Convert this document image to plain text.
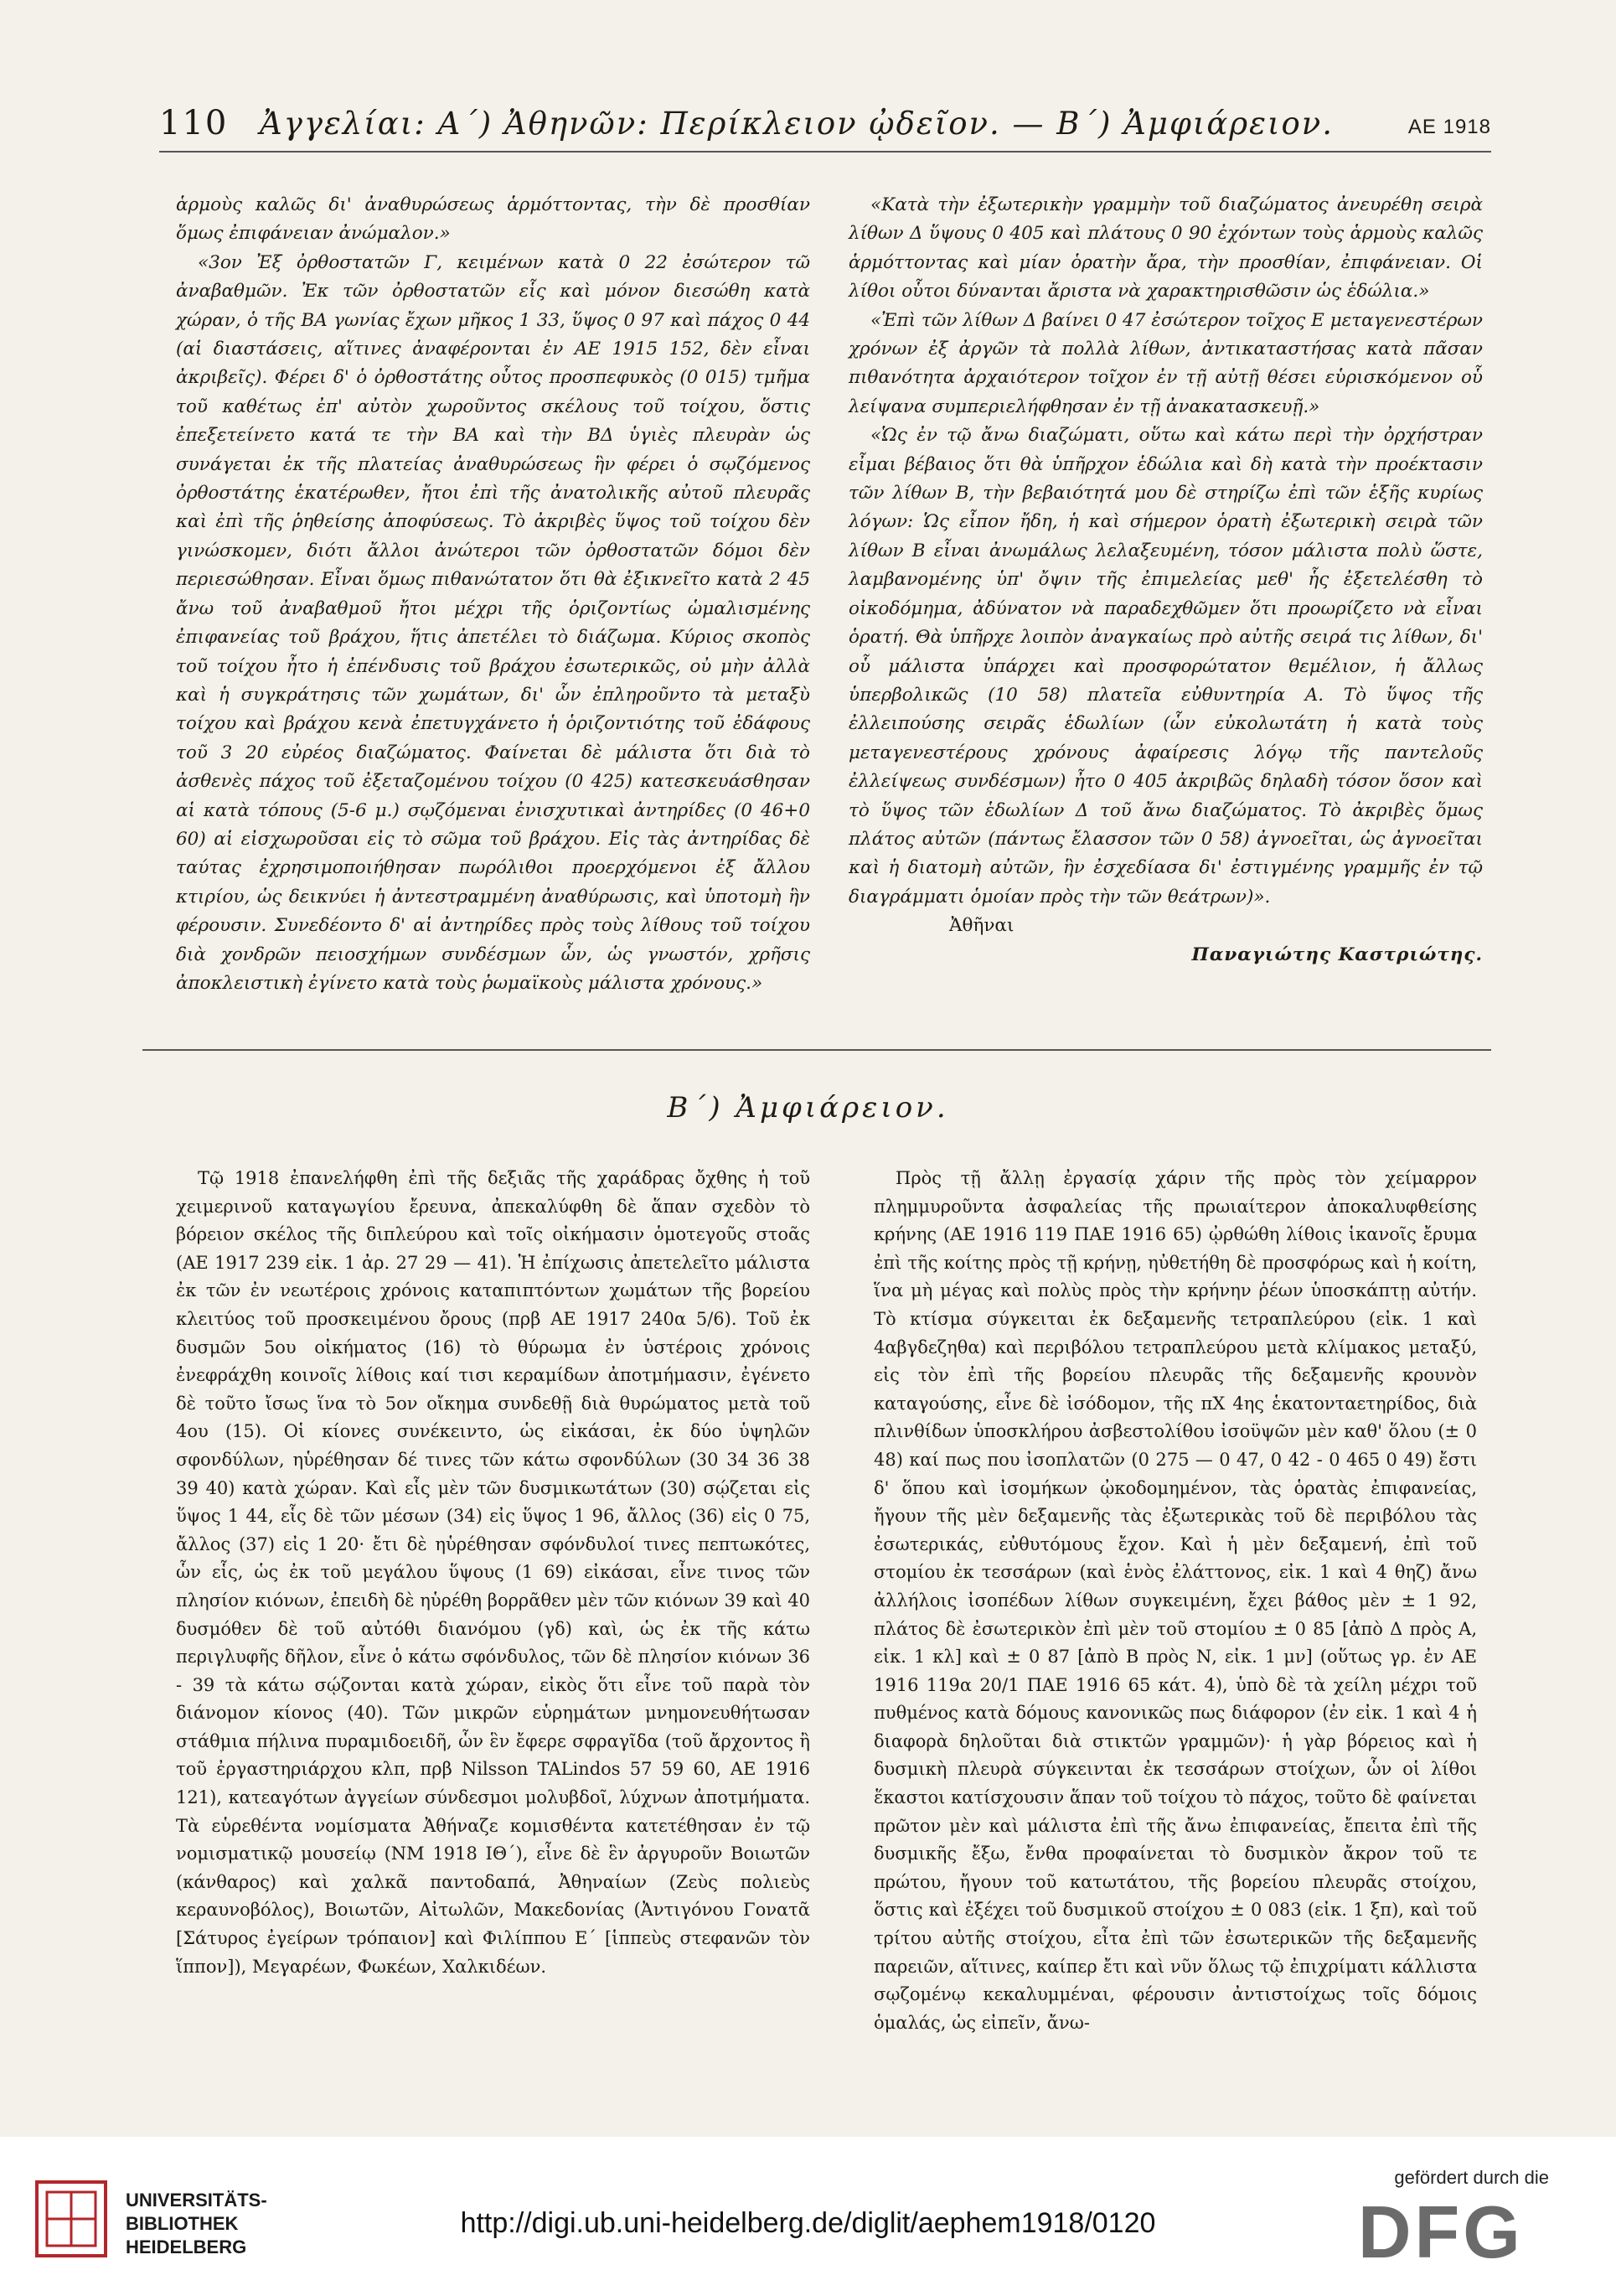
110 Ἀγγελίαι: Α΄) Ἀθηνῶν: Περίκλειον ᾠδεῖον. — Β΄) Ἀμφιάρειον.	ΑΕ 1918

ἁρμοὺς καλῶς δι' ἀναθυρώσεως ἁρμόττοντας, τὴν δὲ προσθίαν ὅμως ἐπιφάνειαν ἀνώμαλον.»

«3ον Ἐξ ὀρθοστατῶν Γ, κειμένων κατὰ 0 22 ἐσώτερον τῶ ἀναβαθμῶν. Ἐκ τῶν ὀρθοστατῶν εἷς καὶ μόνον διεσώθη κατὰ χώραν, ὁ τῆς ΒΑ γωνίας ἔχων μῆκος 1 33, ὕψος 0 97 καὶ πάχος 0 44 (αἱ διαστάσεις, αἵτινες ἀναφέρονται ἐν ΑΕ 1915 152, δὲν εἶναι ἀκριβεῖς). Φέρει δ' ὁ ὀρθοστάτης οὗτος προσπεφυκὸς (0 015) τμῆμα τοῦ καθέτως ἐπ' αὐτὸν χωροῦντος σκέλους τοῦ τοίχου, ὅστις ἐπεξετείνετο κατά τε τὴν ΒΑ καὶ τὴν ΒΔ ὑγιὲς πλευρὰν ὡς συνάγεται ἐκ τῆς πλατείας ἀναθυρώσεως ἣν φέρει ὁ σῳζόμενος ὀρθοστάτης ἑκατέρωθεν, ἤτοι ἐπὶ τῆς ἀνατολικῆς αὐτοῦ πλευρᾶς καὶ ἐπὶ τῆς ῥηθείσης ἀποφύσεως. Τὸ ἀκριβὲς ὕψος τοῦ τοίχου δὲν γινώσκομεν, διότι ἄλλοι ἀνώτεροι τῶν ὀρθοστατῶν δόμοι δὲν περιεσώθησαν. Εἶναι ὅμως πιθανώτατον ὅτι θὰ ἐξικνεῖτο κατὰ 2 45 ἄνω τοῦ ἀναβαθμοῦ ἤτοι μέχρι τῆς ὁριζοντίως ὡμαλισμένης ἐπιφανείας τοῦ βράχου, ἥτις ἀπετέλει τὸ διάζωμα. Κύριος σκοπὸς τοῦ τοίχου ἦτο ἡ ἐπένδυσις τοῦ βράχου ἐσωτερικῶς, οὐ μὴν ἀλλὰ καὶ ἡ συγκράτησις τῶν χωμάτων, δι' ὧν ἐπληροῦντο τὰ μεταξὺ τοίχου καὶ βράχου κενὰ ἐπετυγχάνετο ἡ ὁριζοντιότης τοῦ ἐδάφους τοῦ 3 20 εὐρέος διαζώματος. Φαίνεται δὲ μάλιστα ὅτι διὰ τὸ ἀσθενὲς πάχος τοῦ ἐξεταζομένου τοίχου (0 425) κατεσκευάσθησαν αἱ κατὰ τόπους (5-6 μ.) σῳζόμεναι ἐνισχυτικαὶ ἀντηρίδες (0 46+0 60) αἱ εἰσχωροῦσαι εἰς τὸ σῶμα τοῦ βράχου. Εἰς τὰς ἀντηρίδας δὲ ταύτας ἐχρησιμοποιήθησαν πωρόλιθοι προερχόμενοι ἐξ ἄλλου κτιρίου, ὡς δεικνύει ἡ ἀντεστραμμένη ἀναθύρωσις, καὶ ὑποτομὴ ἣν φέρουσιν. Συνεδέοντο δ' αἱ ἀντηρίδες πρὸς τοὺς λίθους τοῦ τοίχου διὰ χονδρῶν πειοσχήμων συνδέσμων ὧν, ὡς γνωστόν, χρῆσις ἀποκλειστικὴ ἐγίνετο κατὰ τοὺς ῥωμαϊκοὺς μάλιστα χρόνους.»

«Κατὰ τὴν ἐξωτερικὴν γραμμὴν τοῦ διαζώματος ἀνευρέθη σειρὰ λίθων Δ ὕψους 0 405 καὶ πλάτους 0 90 ἐχόντων τοὺς ἁρμοὺς καλῶς ἁρμόττοντας καὶ μίαν ὁρατὴν ἄρα, τὴν προσθίαν, ἐπιφάνειαν. Οἱ λίθοι οὗτοι δύνανται ἄριστα νὰ χαρακτηρισθῶσιν ὡς ἑδώλια.»

«Ἐπὶ τῶν λίθων Δ βαίνει 0 47 ἐσώτερον τοῖχος Ε μεταγενεστέρων χρόνων ἐξ ἀργῶν τὰ πολλὰ λίθων, ἀντικαταστήσας κατὰ πᾶσαν πιθανότητα ἀρχαιότερον τοῖχον ἐν τῇ αὐτῇ θέσει εὑρισκόμενον οὗ λείψανα συμπεριελήφθησαν ἐν τῇ ἀνακατασκευῇ.»

«Ὡς ἐν τῷ ἄνω διαζώματι, οὕτω καὶ κάτω περὶ τὴν ὀρχήστραν εἶμαι βέβαιος ὅτι θὰ ὑπῆρχον ἑδώλια καὶ δὴ κατὰ τὴν προέκτασιν τῶν λίθων Β, τὴν βεβαιότητά μου δὲ στηρίζω ἐπὶ τῶν ἑξῆς κυρίως λόγων: Ὡς εἶπον ἤδη, ἡ καὶ σήμερον ὁρατὴ ἐξωτερικὴ σειρὰ τῶν λίθων Β εἶναι ἀνωμάλως λελαξευμένη, τόσον μάλιστα πολὺ ὥστε, λαμβανομένης ὑπ' ὄψιν τῆς ἐπιμελείας μεθ' ἧς ἐξετελέσθη τὸ οἰκοδόμημα, ἀδύνατον νὰ παραδεχθῶμεν ὅτι προωρίζετο νὰ εἶναι ὁρατή. Θὰ ὑπῆρχε λοιπὸν ἀναγκαίως πρὸ αὐτῆς σειρά τις λίθων, δι' οὗ μάλιστα ὑπάρχει καὶ προσφορώτατον θεμέλιον, ἡ ἄλλως ὑπερβολικῶς (10 58) πλατεῖα εὐθυντηρία Α. Τὸ ὕψος τῆς ἐλλειπούσης σειρᾶς ἑδωλίων (ὧν εὐκολωτάτη ἡ κατὰ τοὺς μεταγενεστέρους χρόνους ἀφαίρεσις λόγῳ τῆς παντελοῦς ἐλλείψεως συνδέσμων) ἦτο 0 405 ἀκριβῶς δηλαδὴ τόσον ὅσον καὶ τὸ ὕψος τῶν ἑδωλίων Δ τοῦ ἄνω διαζώματος. Τὸ ἀκριβὲς ὅμως πλάτος αὐτῶν (πάντως ἔλασσον τῶν 0 58) ἀγνοεῖται, ὡς ἀγνοεῖται καὶ ἡ διατομὴ αὐτῶν, ἣν ἐσχεδίασα δι' ἐστιγμένης γραμμῆς ἐν τῷ διαγράμματι ὁμοίαν πρὸς τὴν τῶν θεάτρων)».

Ἀθῆναι

Παναγιώτης Καστριώτης.

Β΄) Ἀμφιάρειον.

Τῷ 1918 ἐπανελήφθη ἐπὶ τῆς δεξιᾶς τῆς χαράδρας ὄχθης ἡ τοῦ χειμερινοῦ καταγωγίου ἔρευνα, ἀπεκαλύφθη δὲ ἅπαν σχεδὸν τὸ βόρειον σκέλος τῆς διπλεύρου καὶ τοῖς οἰκήμασιν ὁμοτεγοῦς στοᾶς (ΑΕ 1917 239 εἰκ. 1 ἀρ. 27 29 — 41). Ἡ ἐπίχωσις ἀπετελεῖτο μάλιστα ἐκ τῶν ἐν νεωτέροις χρόνοις καταπιπτόντων χωμάτων τῆς βορείου κλειτύος τοῦ προσκειμένου ὄρους (πρβ ΑΕ 1917 240α 5/6). Τοῦ ἐκ δυσμῶν 5ου οἰκήματος (16) τὸ θύρωμα ἐν ὑστέροις χρόνοις ἐνεφράχθη κοινοῖς λίθοις καί τισι κεραμίδων ἀποτμήμασιν, ἐγένετο δὲ τοῦτο ἴσως ἵνα τὸ 5ον οἴκημα συνδεθῇ διὰ θυρώματος μετὰ τοῦ 4ου (15). Οἱ κίονες συνέκειντο, ὡς εἰκάσαι, ἐκ δύο ὑψηλῶν σφονδύλων, ηὑρέθησαν δέ τινες τῶν κάτω σφονδύλων (30 34 36 38 39 40) κατὰ χώραν. Καὶ εἷς μὲν τῶν δυσμικωτάτων (30) σῴζεται εἰς ὕψος 1 44, εἷς δὲ τῶν μέσων (34) εἰς ὕψος 1 96, ἄλλος (36) εἰς 0 75, ἄλλος (37) εἰς 1 20· ἔτι δὲ ηὑρέθησαν σφόνδυλοί τινες πεπτωκότες, ὧν εἷς, ὡς ἐκ τοῦ μεγάλου ὕψους (1 69) εἰκάσαι, εἶνε τινος τῶν πλησίον κιόνων, ἐπειδὴ δὲ ηὑρέθη βορρᾶθεν μὲν τῶν κιόνων 39 καὶ 40 δυσμόθεν δὲ τοῦ αὐτόθι διανόμου (γδ) καὶ, ὡς ἐκ τῆς κάτω περιγλυφῆς δῆλον, εἶνε ὁ κάτω σφόνδυλος, τῶν δὲ πλησίον κιόνων 36 - 39 τὰ κάτω σῴζονται κατὰ χώραν, εἰκὸς ὅτι εἶνε τοῦ παρὰ τὸν διάνομον κίονος (40). Τῶν μικρῶν εὑρημάτων μνημονευθήτωσαν στάθμια πήλινα πυραμιδοειδῆ, ὧν ἓν ἔφερε σφραγῖδα (τοῦ ἄρχοντος ἢ τοῦ ἐργαστηριάρχου κλπ, πρβ Nilsson TALindos 57 59 60, ΑΕ 1916 121), κατεαγότων ἀγγείων σύνδεσμοι μολυβδοῖ, λύχνων ἀποτμήματα. Τὰ εὑρεθέντα νομίσματα Ἀθήναζε κομισθέντα κατετέθησαν ἐν τῷ νομισματικῷ μουσείῳ (ΝΜ 1918 ΙΘ΄), εἶνε δὲ ἓν ἀργυροῦν Βοιωτῶν (κάνθαρος) καὶ χαλκᾶ παντοδαπά, Ἀθηναίων (Ζεὺς πολιεὺς κεραυνοβόλος), Βοιωτῶν, Αἰτωλῶν, Μακεδονίας (Ἀντιγόνου Γονατᾶ [Σάτυρος ἐγείρων τρόπαιον] καὶ Φιλίππου Ε΄ [ἱππεὺς στεφανῶν τὸν ἵππον]), Μεγαρέων, Φωκέων, Χαλκιδέων.

Πρὸς τῇ ἄλλῃ ἐργασίᾳ χάριν τῆς πρὸς τὸν χείμαρρον πλημμυροῦντα ἀσφαλείας τῆς πρωιαίτερον ἀποκαλυφθείσης κρήνης (ΑΕ 1916 119 ΠΑΕ 1916 65) ᾠρθώθη λίθοις ἱκανοῖς ἔρυμα ἐπὶ τῆς κοίτης πρὸς τῇ κρήνῃ, ηὐθετήθη δὲ προσφόρως καὶ ἡ κοίτη, ἵνα μὴ μέγας καὶ πολὺς πρὸς τὴν κρήνην ῥέων ὑποσκάπτῃ αὐτήν. Τὸ κτίσμα σύγκειται ἐκ δεξαμενῆς τετραπλεύρου (εἰκ. 1 καὶ 4αβγδεζηθα) καὶ περιβόλου τετραπλεύρου μετὰ κλίμακος μεταξύ, εἰς τὸν ἐπὶ τῆς βορείου πλευρᾶς τῆς δεξαμενῆς κρουνὸν καταγούσης, εἶνε δὲ ἰσόδομον, τῆς πΧ 4ης ἑκατονταετηρίδος, διὰ πλινθίδων ὑποσκλήρου ἀσβεστολίθου ἰσοϋψῶν μὲν καθ' ὅλου (± 0 48) καί πως που ἰσοπλατῶν (0 275 — 0 47, 0 42 - 0 465 0 49) ἔστι δ' ὅπου καὶ ἰσομήκων ᾠκοδομημένον, τὰς ὁρατὰς ἐπιφανείας, ἤγουν τῆς μὲν δεξαμενῆς τὰς ἐξωτερικὰς τοῦ δὲ περιβόλου τὰς ἐσωτερικάς, εὐθυτόμους ἔχον. Καὶ ἡ μὲν δεξαμενή, ἐπὶ τοῦ στομίου ἐκ τεσσάρων (καὶ ἑνὸς ἐλάττονος, εἰκ. 1 καὶ 4 θηζ) ἄνω ἀλλήλοις ἰσοπέδων λίθων συγκειμένη, ἔχει βάθος μὲν ± 1 92, πλάτος δὲ ἐσωτερικὸν ἐπὶ μὲν τοῦ στομίου ± 0 85 [ἀπὸ Δ πρὸς Α, εἰκ. 1 κλ] καὶ ± 0 87 [ἀπὸ Β πρὸς Ν, εἰκ. 1 μν] (οὕτως γρ. ἐν ΑΕ 1916 119α 20/1 ΠΑΕ 1916 65 κάτ. 4), ὑπὸ δὲ τὰ χείλη μέχρι τοῦ πυθμένος κατὰ δόμους κανονικῶς πως διάφορον (ἐν εἰκ. 1 καὶ 4 ἡ διαφορὰ δηλοῦται διὰ στικτῶν γραμμῶν)· ἡ γὰρ βόρειος καὶ ἡ δυσμικὴ πλευρὰ σύγκεινται ἐκ τεσσάρων στοίχων, ὧν οἱ λίθοι ἕκαστοι κατίσχουσιν ἅπαν τοῦ τοίχου τὸ πάχος, τοῦτο δὲ φαίνεται πρῶτον μὲν καὶ μάλιστα ἐπὶ τῆς ἄνω ἐπιφανείας, ἔπειτα ἐπὶ τῆς δυσμικῆς ἔξω, ἔνθα προφαίνεται τὸ δυσμικὸν ἄκρον τοῦ τε πρώτου, ἤγουν τοῦ κατωτάτου, τῆς βορείου πλευρᾶς στοίχου, ὅστις καὶ ἐξέχει τοῦ δυσμικοῦ στοίχου ± 0 083 (εἰκ. 1 ξπ), καὶ τοῦ τρίτου αὐτῆς στοίχου, εἶτα ἐπὶ τῶν ἐσωτερικῶν τῆς δεξαμενῆς παρειῶν, αἵτινες, καίπερ ἔτι καὶ νῦν ὅλως τῷ ἐπιχρίματι κάλλιστα σῳζομένῳ κεκαλυμμέναι, φέρουσιν ἀντιστοίχως τοῖς δόμοις ὁμαλάς, ὡς εἰπεῖν, ἄνω-

UNIVERSITÄTS-
BIBLIOTHEK
HEIDELBERG
http://digi.ub.uni-heidelberg.de/diglit/aephem1918/0120
gefördert durch die
DFG
